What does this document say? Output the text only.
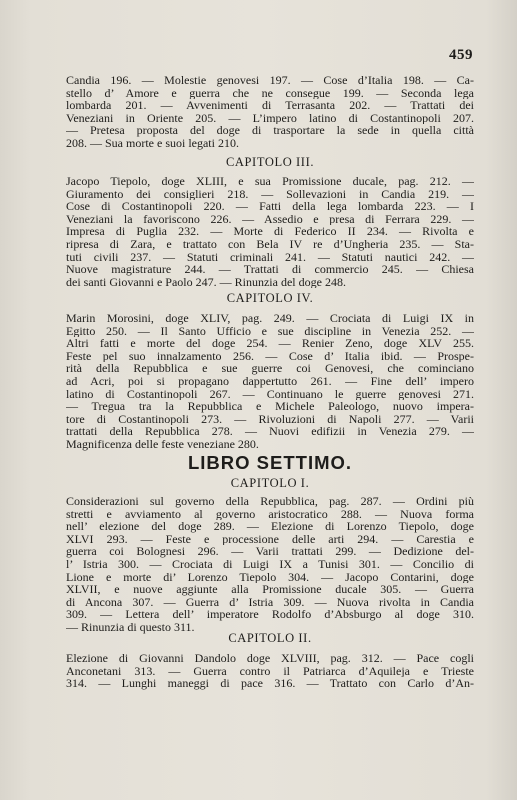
459

Candia 196. — Molestie genovesi 197. — Cose d’Italia 198. — Ca-
stello d’ Amore e guerra che ne consegue 199. — Seconda lega
lombarda 201. — Avvenimenti di Terrasanta 202. — Trattati dei
Veneziani in Oriente 205. — L’impero latino di Costantinopoli 207.
— Pretesa proposta del doge di trasportare la sede in quella città
208. — Sua morte e suoi legati 210.

CAPITOLO III.

Jacopo Tiepolo, doge XLIII, e sua Promissione ducale, pag. 212. —
Giuramento dei consiglieri 218. — Sollevazioni in Candia 219. —
Cose di Costantinopoli 220. — Fatti della lega lombarda 223. — I
Veneziani la favoriscono 226. — Assedio e presa di Ferrara 229. —
Impresa di Puglia 232. — Morte di Federico II 234. — Rivolta e
ripresa di Zara, e trattato con Bela IV re d’Ungheria 235. — Sta-
tuti civili 237. — Statuti criminali 241. — Statuti nautici 242. —
Nuove magistrature 244. — Trattati di commercio 245. — Chiesa
dei santi Giovanni e Paolo 247. — Rinunzia del doge 248.

CAPITOLO IV.

Marin Morosini, doge XLIV, pag. 249. — Crociata di Luigi IX in
Egitto 250. — Il Santo Ufficio e sue discipline in Venezia 252. —
Altri fatti e morte del doge 254. — Renier Zeno, doge XLV 255.
Feste pel suo innalzamento 256. — Cose d’ Italia ibid. — Prospe-
rità della Repubblica e sue guerre coi Genovesi, che cominciano
ad Acri, poi si propagano dappertutto 261. — Fine dell’ impero
latino di Costantinopoli 267. — Continuano le guerre genovesi 271.
— Tregua tra la Repubblica e Michele Paleologo, nuovo impera-
tore di Costantinopoli 273. — Rivoluzioni di Napoli 277. — Varii
trattati della Repubblica 278. — Nuovi edifizii in Venezia 279. —
Magnificenza delle feste veneziane 280.

LIBRO SETTIMO.

CAPITOLO I.

Considerazioni sul governo della Repubblica, pag. 287. — Ordini più
stretti e avviamento al governo aristocratico 288. — Nuova forma
nell’ elezione del doge 289. — Elezione di Lorenzo Tiepolo, doge
XLVI 293. — Feste e processione delle arti 294. — Carestia e
guerra coi Bolognesi 296. — Varii trattati 299. — Dedizione del-
l’ Istria 300. — Crociata di Luigi IX a Tunisi 301. — Concilio di
Lione e morte di’ Lorenzo Tiepolo 304. — Jacopo Contarini, doge
XLVII, e nuove aggiunte alla Promissione ducale 305. — Guerra
di Ancona 307. — Guerra d’ Istria 309. — Nuova rivolta in Candia
309. — Lettera dell’ imperatore Rodolfo d’Absburgo al doge 310.
— Rinunzia di questo 311.

CAPITOLO II.

Elezione di Giovanni Dandolo doge XLVIII, pag. 312. — Pace cogli
Anconetani 313. — Guerra contro il Patriarca d’Aquileja e Trieste
314. — Lunghi maneggi di pace 316. — Trattato con Carlo d’An-
